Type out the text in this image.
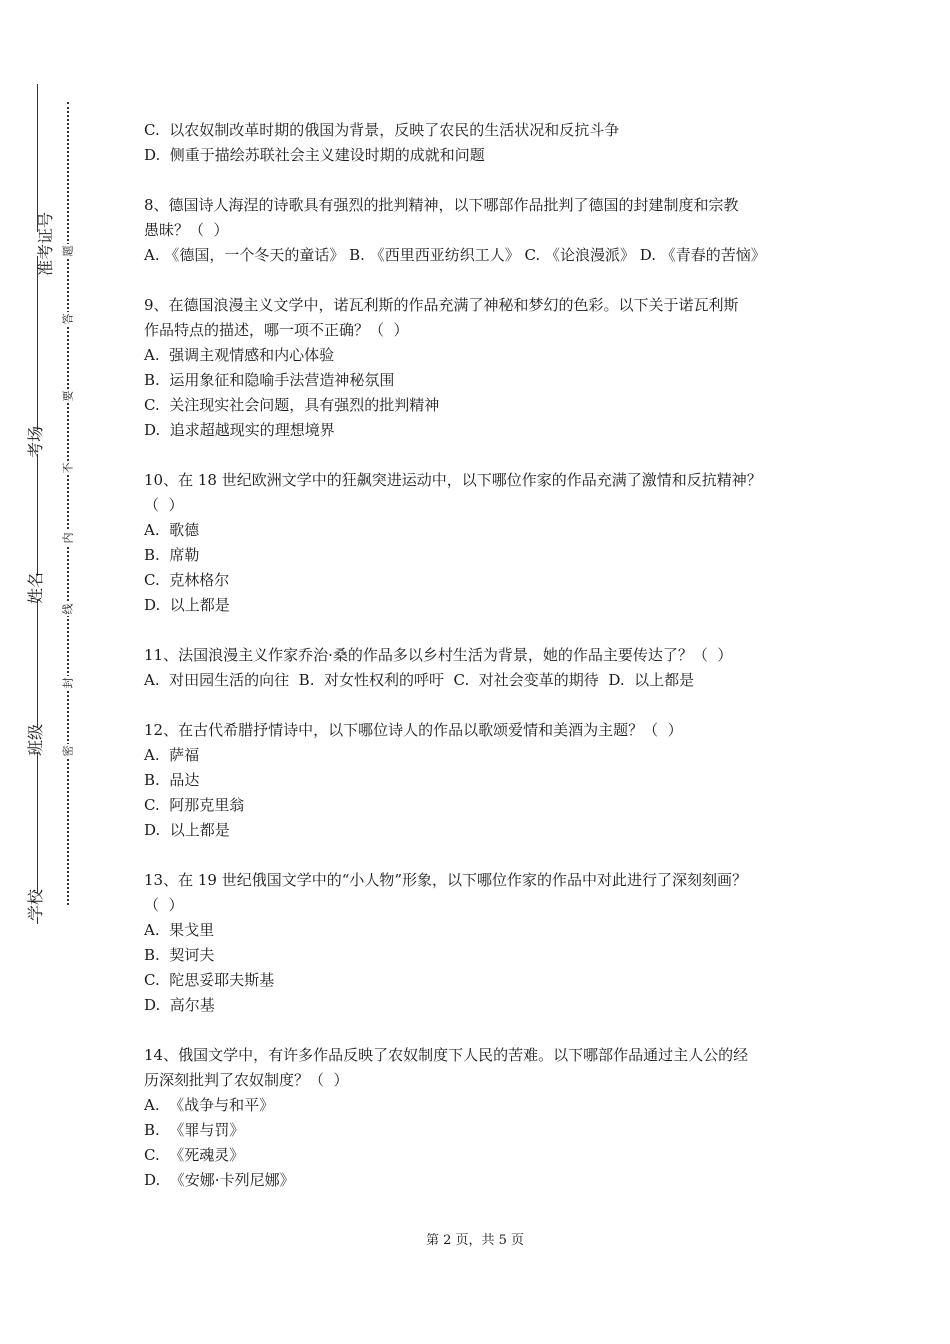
准考证号
考场
姓名
班级
学校
题
答
要
不
内
线
封
密
C.  以农奴制改革时期的俄国为背景，反映了农民的生活状况和反抗斗争
D.  侧重于描绘苏联社会主义建设时期的成就和问题
8、德国诗人海涅的诗歌具有强烈的批判精神，以下哪部作品批判了德国的封建制度和宗教
愚昧？（  ）
A. 《德国，一个冬天的童话》 B. 《西里西亚纺织工人》 C. 《论浪漫派》 D. 《青春的苦恼》
9、在德国浪漫主义文学中，诺瓦利斯的作品充满了神秘和梦幻的色彩。以下关于诺瓦利斯
作品特点的描述，哪一项不正确？（  ）
A.  强调主观情感和内心体验
B.  运用象征和隐喻手法营造神秘氛围
C.  关注现实社会问题，具有强烈的批判精神
D.  追求超越现实的理想境界
10、在 18 世纪欧洲文学中的狂飙突进运动中，以下哪位作家的作品充满了激情和反抗精神？
（  ）
A.  歌德
B.  席勒
C.  克林格尔
D.  以上都是
11、法国浪漫主义作家乔治·桑的作品多以乡村生活为背景，她的作品主要传达了？（  ）
A.  对田园生活的向往  B.  对女性权利的呼吁  C.  对社会变革的期待  D.  以上都是
12、在古代希腊抒情诗中，以下哪位诗人的作品以歌颂爱情和美酒为主题？（  ）
A.  萨福
B.  品达
C.  阿那克里翁
D.  以上都是
13、在 19 世纪俄国文学中的“小人物”形象，以下哪位作家的作品中对此进行了深刻刻画？
（  ）
A.  果戈里
B.  契诃夫
C.  陀思妥耶夫斯基
D.  高尔基
14、俄国文学中，有许多作品反映了农奴制度下人民的苦难。以下哪部作品通过主人公的经
历深刻批判了农奴制度？（  ）
A.  《战争与和平》
B.  《罪与罚》
C.  《死魂灵》
D.  《安娜·卡列尼娜》
第 2 页，共 5 页
